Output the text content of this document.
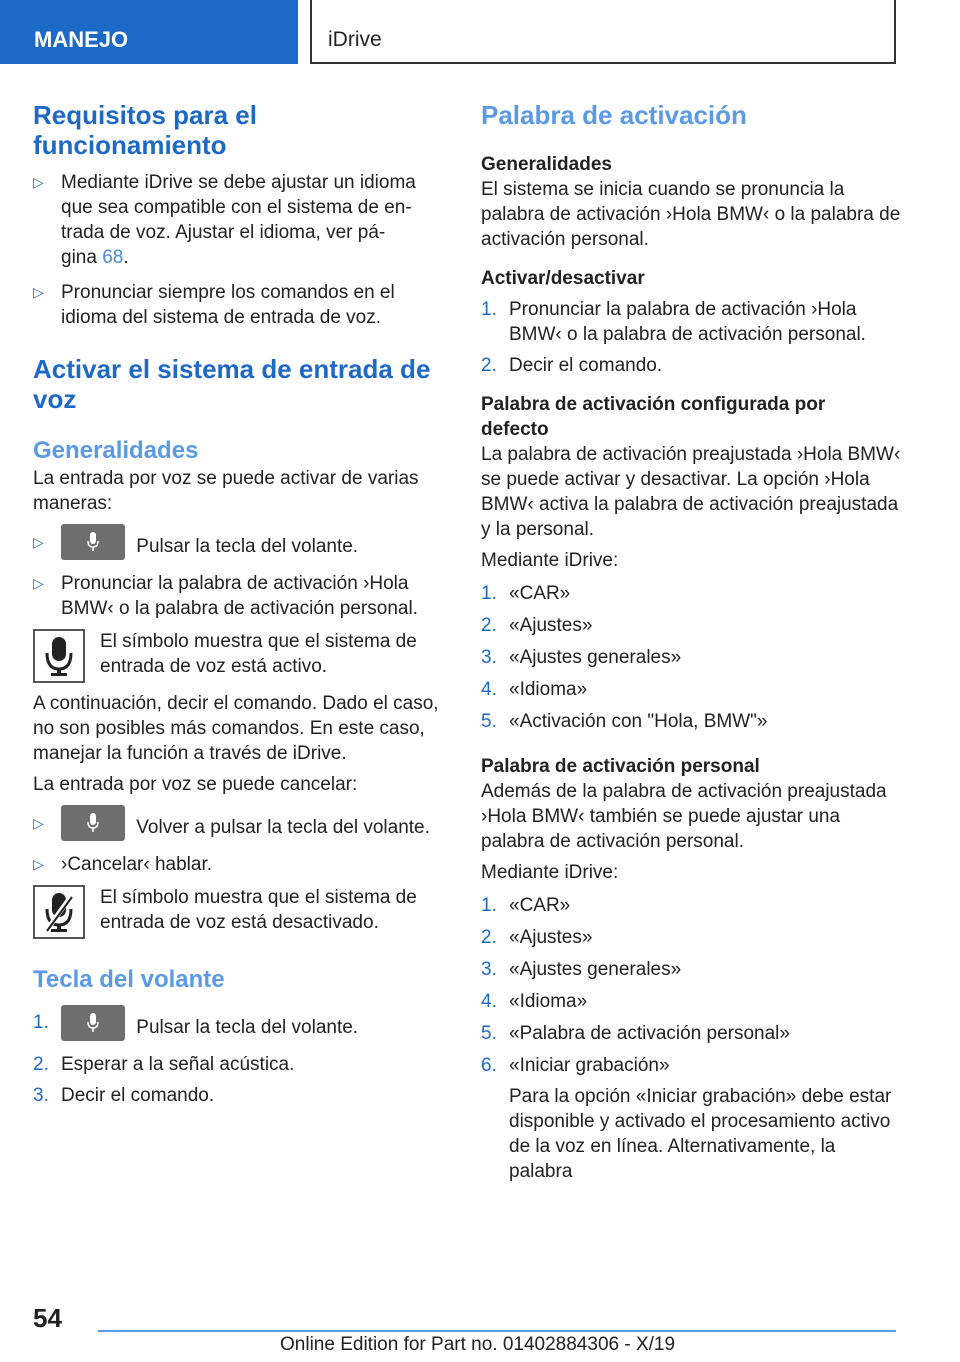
MANEJO	iDrive
Requisitos para el funcionamiento
▷ Mediante iDrive se debe ajustar un idioma
que sea compatible con el sistema de en-
trada de voz. Ajustar el idioma, ver pá-
gina 68.
▷ Pronunciar siempre los comandos en el idioma del sistema de entrada de voz.
Activar el sistema de entrada de voz
Generalidades

La entrada por voz se puede activar de varias maneras:

▷	Pulsar la tecla del volante.
▷ Pronunciar la palabra de activación ›Hola BMW‹ o la palabra de activación personal.

El símbolo muestra que el sistema de entrada de voz está activo.

A continuación, decir el comando. Dado el caso, no son posibles más comandos. En este caso, manejar la función a través de iDrive.

La entrada por voz se puede cancelar:

▷	Volver a pulsar la tecla del volante.
▷ ›Cancelar‹ hablar.

El símbolo muestra que el sistema de entrada de voz está desactivado.

Tecla del volante
1.	Pulsar la tecla del volante.
2. Esperar a la señal acústica.
3. Decir el comando.
Palabra de activación
Generalidades

El sistema se inicia cuando se pronuncia la palabra de activación ›Hola BMW‹ o la palabra de activación personal.

Activar/desactivar
1. Pronunciar la palabra de activación ›Hola BMW‹ o la palabra de activación personal.
2. Decir el comando.
Palabra de activación configurada por defecto

La palabra de activación preajustada ›Hola BMW‹ se puede activar y desactivar. La opción ›Hola BMW‹ activa la palabra de activación preajustada y la personal.

Mediante iDrive:

1. «CAR»
2. «Ajustes»
3. «Ajustes generales»
4. «Idioma»
5. «Activación con "Hola, BMW"»
Palabra de activación personal

Además de la palabra de activación preajustada ›Hola BMW‹ también se puede ajustar una palabra de activación personal.

Mediante iDrive:

1. «CAR»
2. «Ajustes»
3. «Ajustes generales»
4. «Idioma»
5. «Palabra de activación personal»
6. «Iniciar grabación»

Para la opción «Iniciar grabación» debe estar disponible y activado el procesamiento activo de la voz en línea. Alternativamente, la palabra

54
Online Edition for Part no. 01402884306 - X/19
